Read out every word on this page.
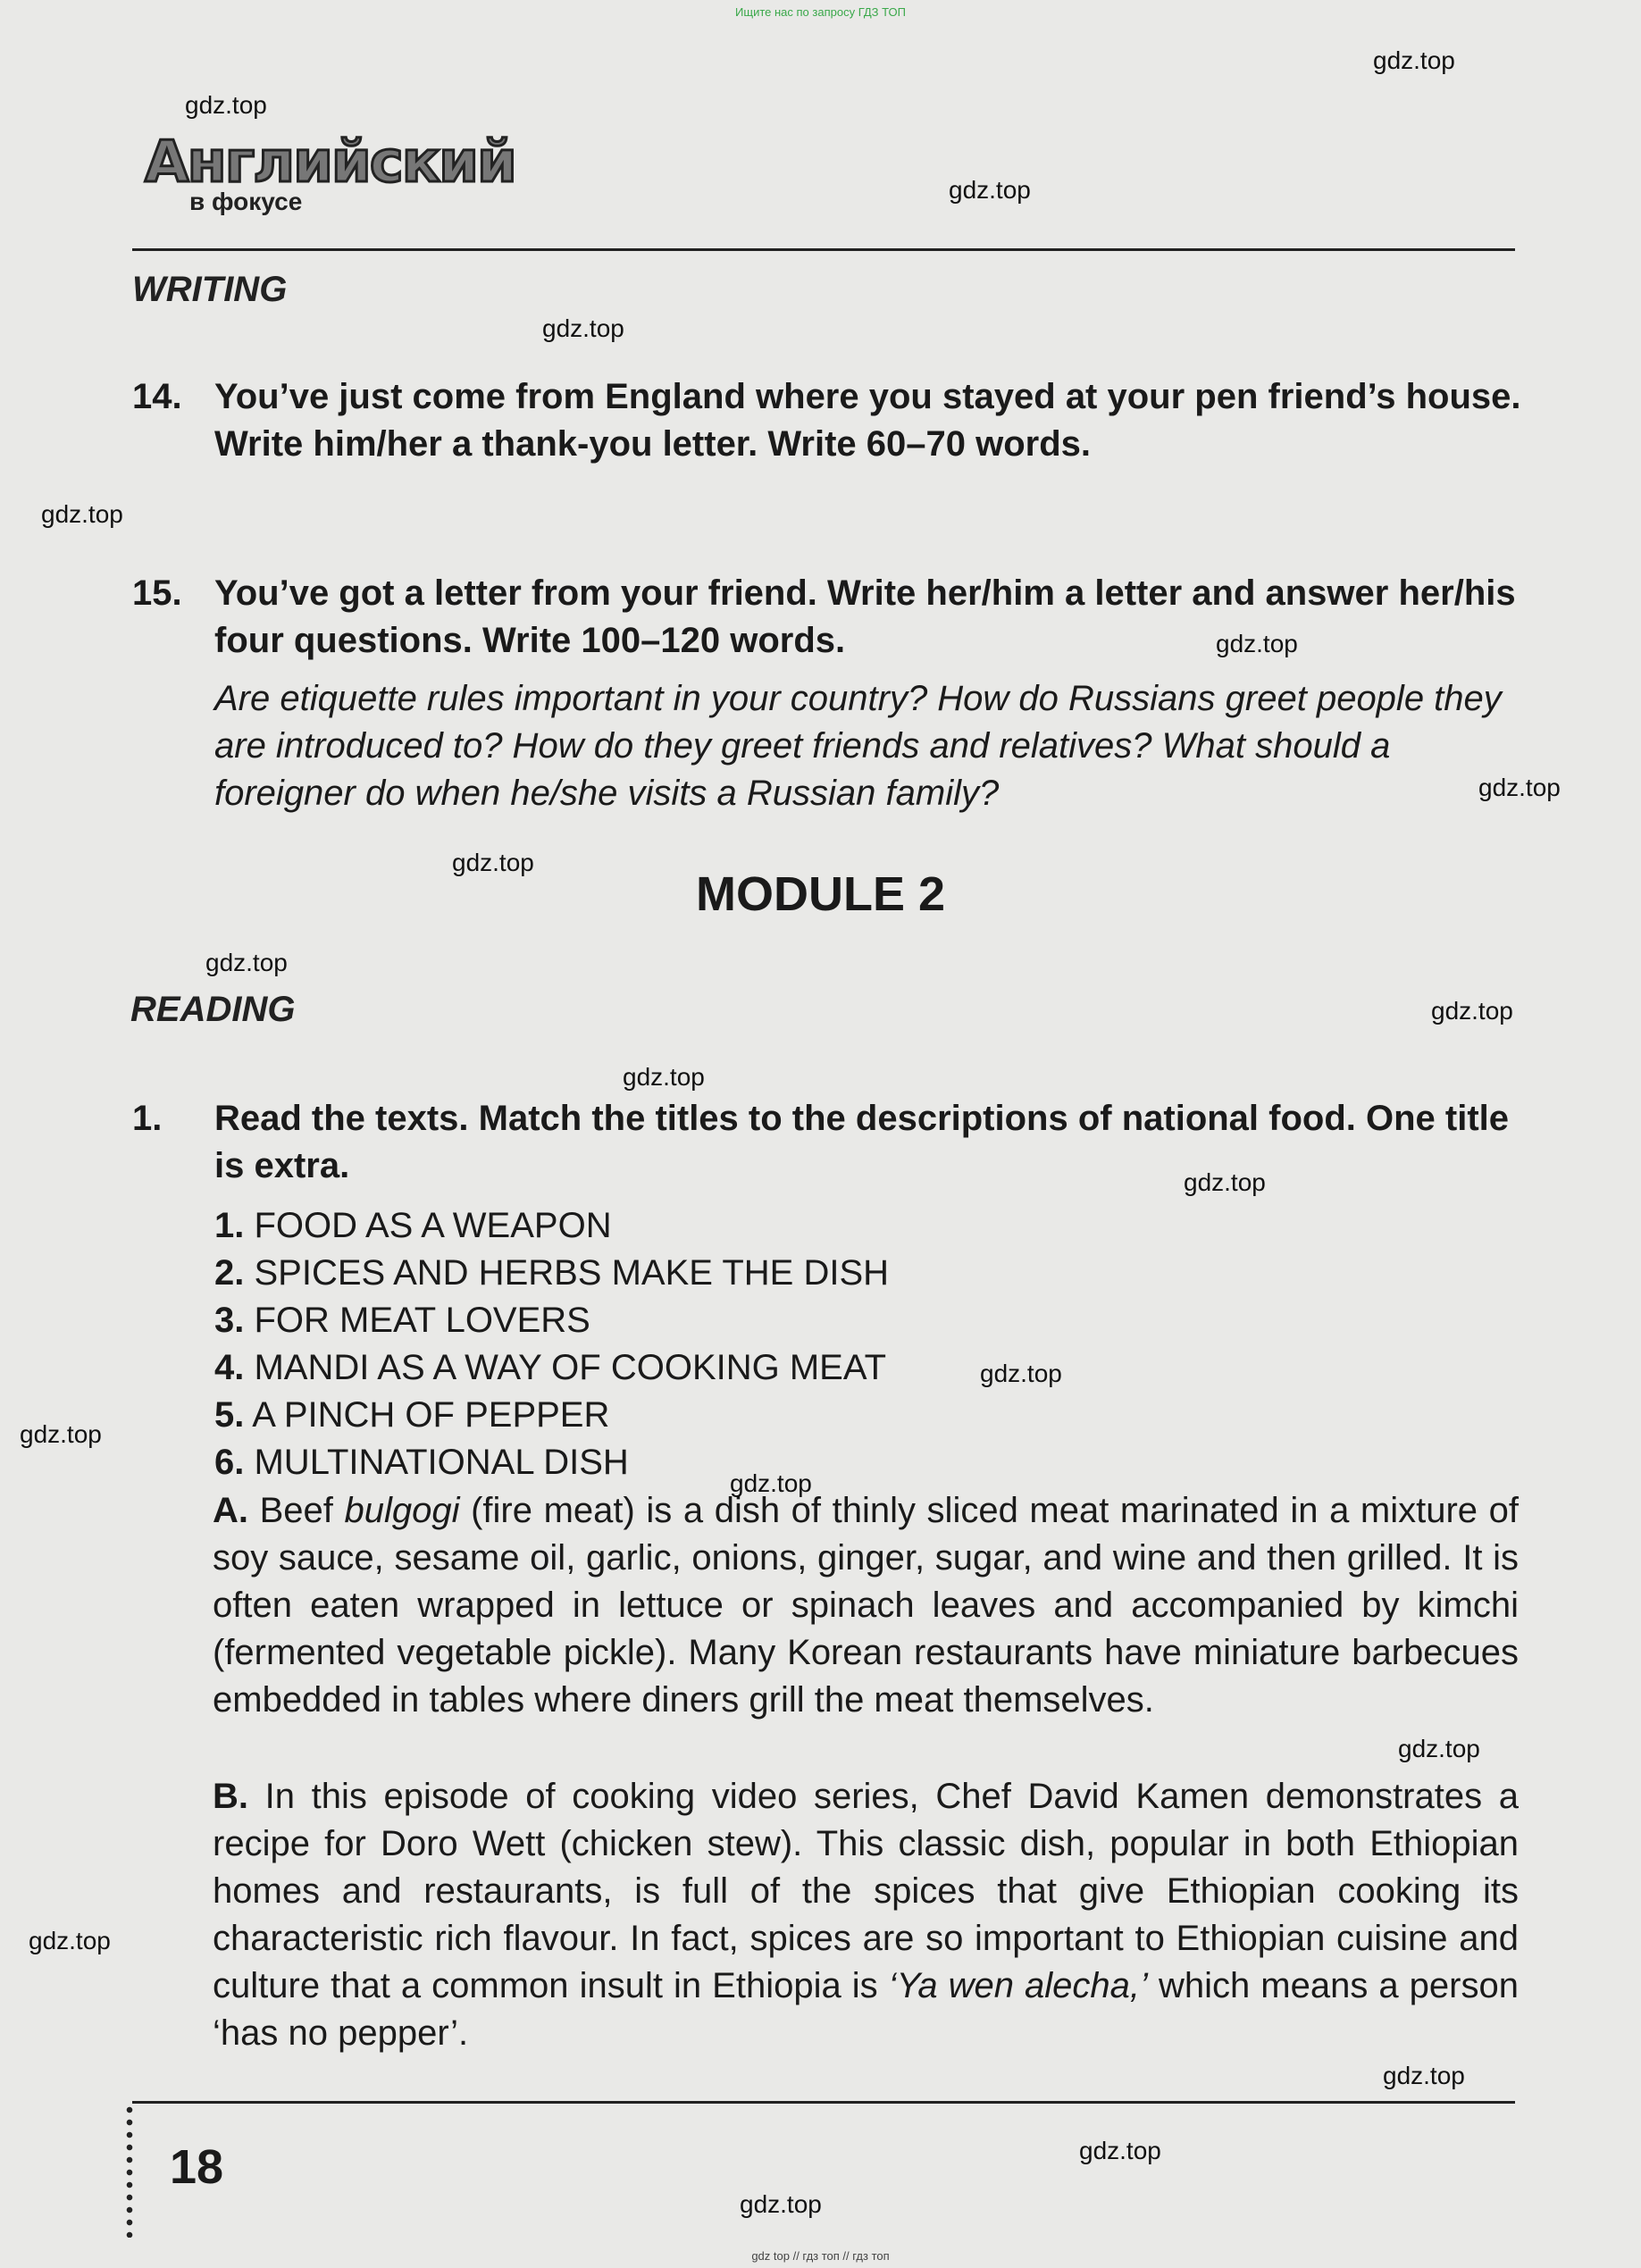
Ищите нас по запросу ГДЗ ТОП
Английский
в фокусе
WRITING
14. You’ve just come from England where you stayed at your pen friend’s house. Write him/her a thank-you letter. Write 60–70 words.
15. You’ve got a letter from your friend. Write her/him a letter and answer her/his four questions. Write 100–120 words.
Are etiquette rules important in your country? How do Russians greet people they are introduced to? How do they greet friends and relatives? What should a foreigner do when he/she visits a Russian family?
MODULE 2
READING
1. Read the texts. Match the titles to the descriptions of national food. One title is extra.
1. FOOD AS A WEAPON
2. SPICES AND HERBS MAKE THE DISH
3. FOR MEAT LOVERS
4. MANDI AS A WAY OF COOKING MEAT
5. A PINCH OF PEPPER
6. MULTINATIONAL DISH
A. Beef bulgogi (fire meat) is a dish of thinly sliced meat marinated in a mixture of soy sauce, sesame oil, garlic, onions, ginger, sugar, and wine and then grilled. It is often eaten wrapped in lettuce or spinach leaves and accompanied by kimchi (fermented vegetable pickle). Many Korean restaurants have miniature barbecues embedded in tables where diners grill the meat themselves.
B. In this episode of cooking video series, Chef David Kamen demonstrates a recipe for Doro Wett (chicken stew). This classic dish, popular in both Ethiopian homes and restaurants, is full of the spices that give Ethiopian cooking its characteristic rich flavour. In fact, spices are so important to Ethiopian cuisine and culture that a common insult in Ethiopia is ‘Ya wen alecha,’ which means a person ‘has no pepper’.
18
gdz.top
gdz.top
gdz.top
gdz.top
gdz.top
gdz.top
gdz.top
gdz.top
gdz.top
gdz.top
gdz.top
gdz.top
gdz.top
gdz.top
gdz.top
gdz.top
gdz.top
gdz.top
gdz.top
gdz.top
gdz top // гдз топ // гдз топ
